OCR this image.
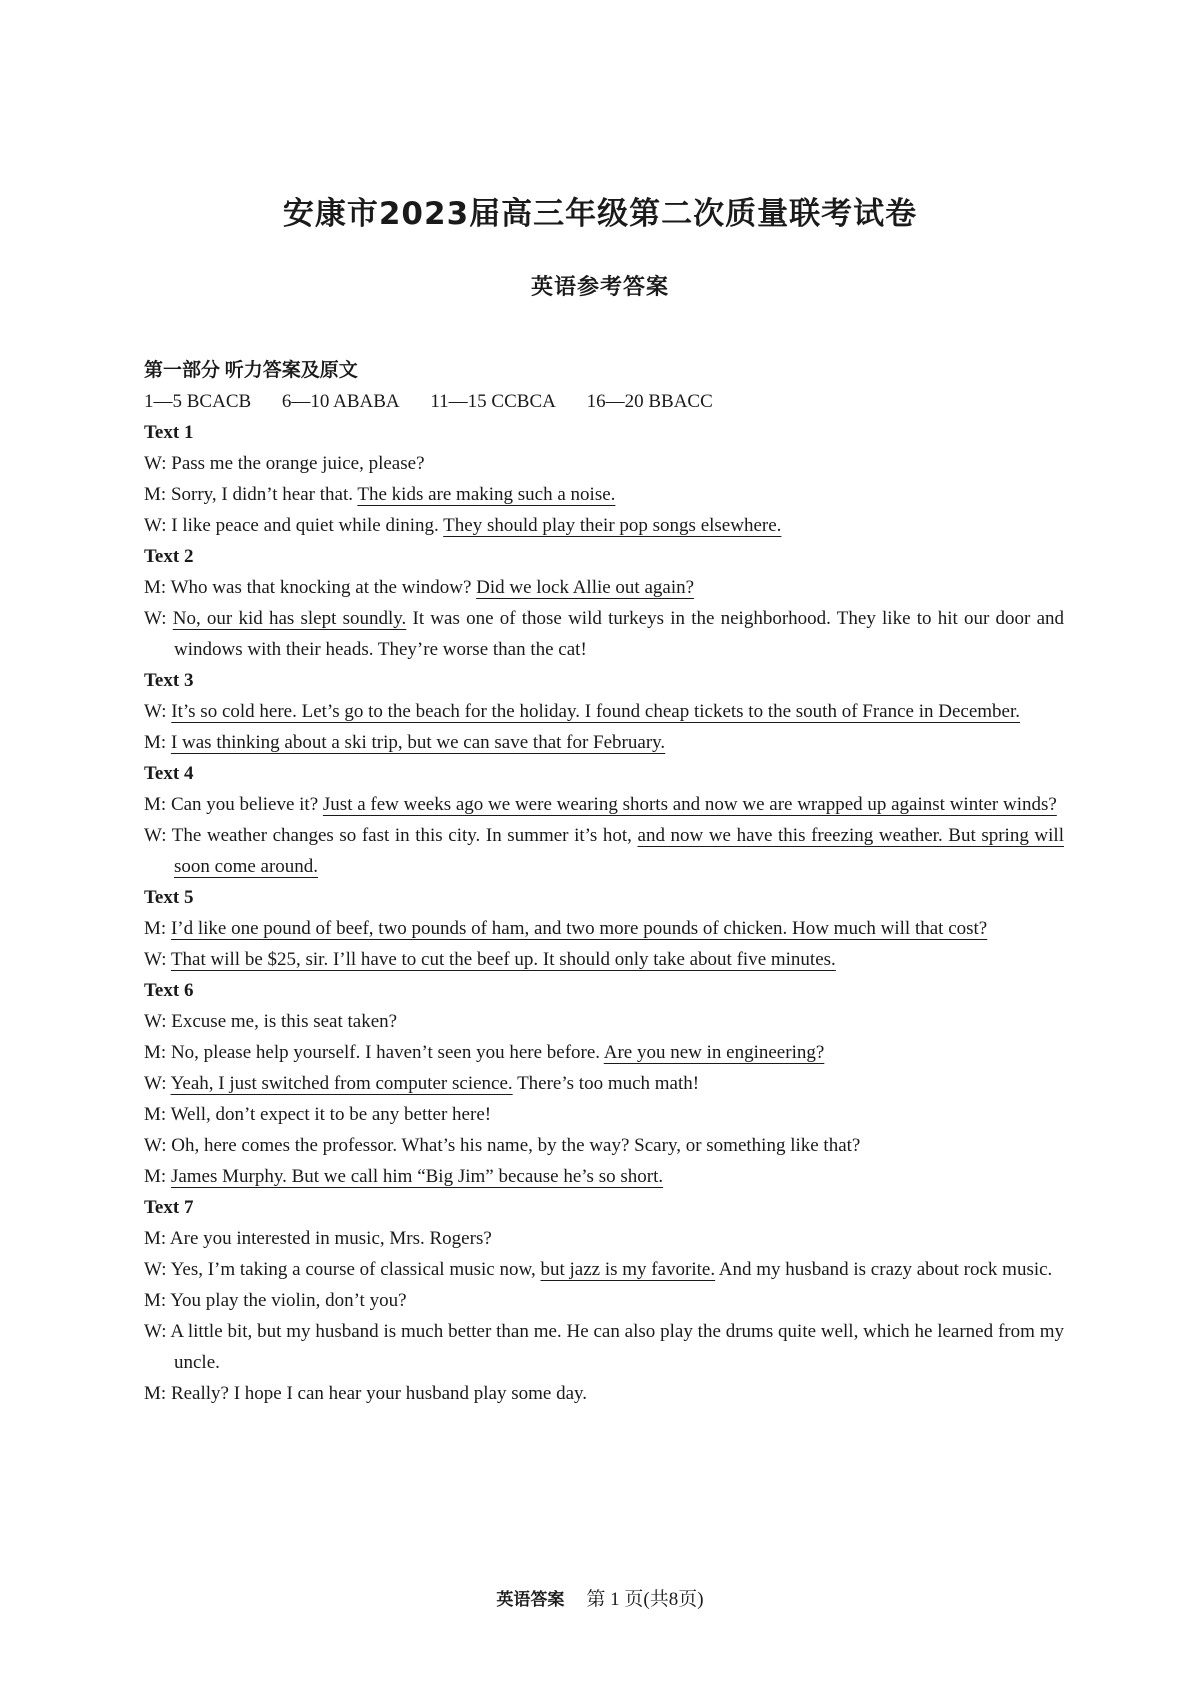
安康市2023届高三年级第二次质量联考试卷
英语参考答案
第一部分 听力答案及原文
1—5 BCACB 6—10 ABABA 11—15 CCBCA 16—20 BBACC
Text 1
W: Pass me the orange juice, please?
M: Sorry, I didn’t hear that. The kids are making such a noise.
W: I like peace and quiet while dining. They should play their pop songs elsewhere.
Text 2
M: Who was that knocking at the window? Did we lock Allie out again?
W: No, our kid has slept soundly. It was one of those wild turkeys in the neighborhood. They like to hit our door and windows with their heads. They’re worse than the cat!
Text 3
W: It’s so cold here. Let’s go to the beach for the holiday. I found cheap tickets to the south of France in December.
M: I was thinking about a ski trip, but we can save that for February.
Text 4
M: Can you believe it? Just a few weeks ago we were wearing shorts and now we are wrapped up against winter winds?
W: The weather changes so fast in this city. In summer it’s hot, and now we have this freezing weather. But spring will soon come around.
Text 5
M: I’d like one pound of beef, two pounds of ham, and two more pounds of chicken. How much will that cost?
W: That will be $25, sir. I’ll have to cut the beef up. It should only take about five minutes.
Text 6
W: Excuse me, is this seat taken?
M: No, please help yourself. I haven’t seen you here before. Are you new in engineering?
W: Yeah, I just switched from computer science. There’s too much math!
M: Well, don’t expect it to be any better here!
W: Oh, here comes the professor. What’s his name, by the way? Scary, or something like that?
M: James Murphy. But we call him “Big Jim” because he’s so short.
Text 7
M: Are you interested in music, Mrs. Rogers?
W: Yes, I’m taking a course of classical music now, but jazz is my favorite. And my husband is crazy about rock music.
M: You play the violin, don’t you?
W: A little bit, but my husband is much better than me. He can also play the drums quite well, which he learned from my uncle.
M: Really? I hope I can hear your husband play some day.
英语答案 第 1 页(共8页)
